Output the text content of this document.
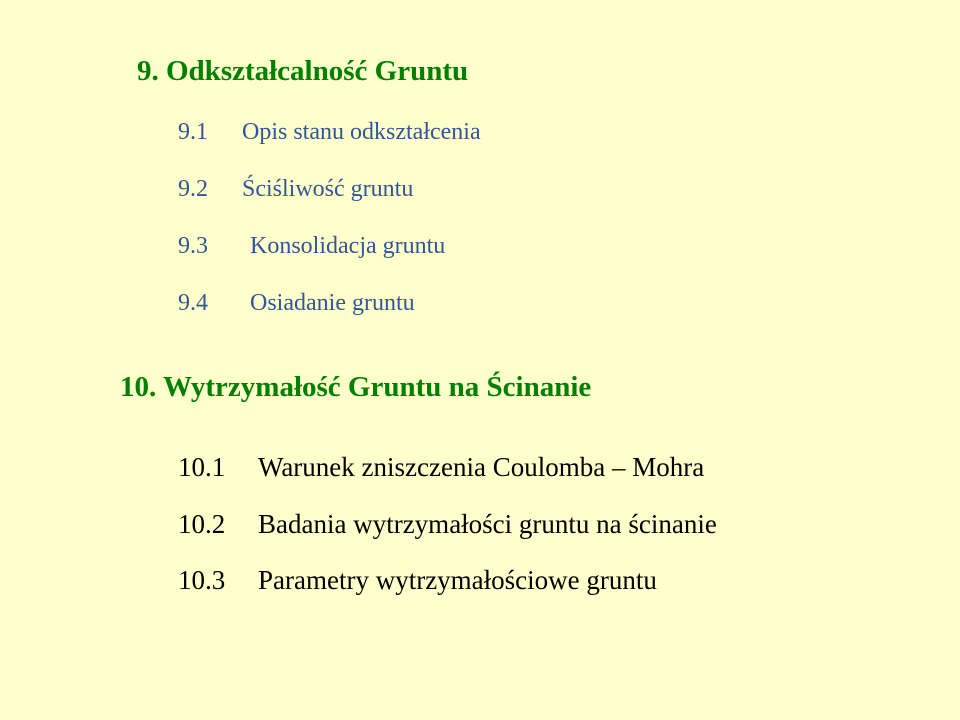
9. Odkształcalność Gruntu
9.1 Opis stanu odkształcenia
9.2 Ściśliwość gruntu
9.3 Konsolidacja gruntu
9.4 Osiadanie gruntu
10. Wytrzymałość Gruntu na Ścinanie
10.1 Warunek zniszczenia Coulomba – Mohra
10.2 Badania wytrzymałości gruntu na ścinanie
10.3 Parametry wytrzymałościowe gruntu
